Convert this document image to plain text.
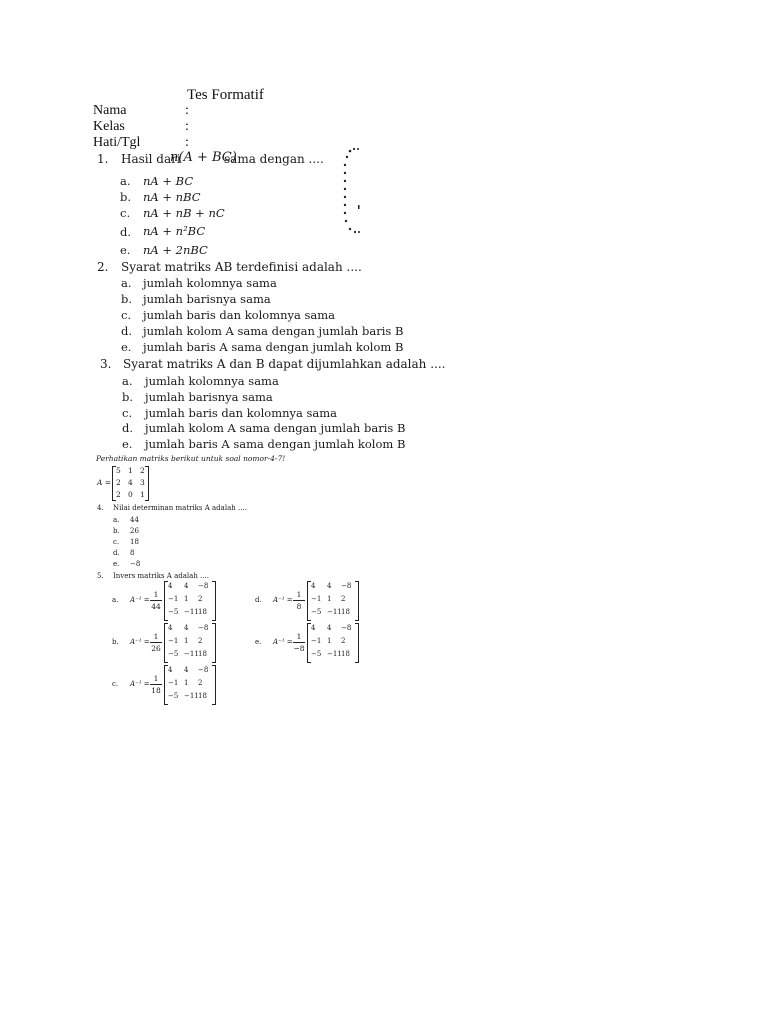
Tes Formatif
Nama	:
Kelas	:
Hati/Tgl	:
1. Hasil dari
n(A + BC)
sama dengan ....
a. nA + BC
b. nA + nBC
c. nA + nB + nC
d. nA + n²BC
e. nA + 2nBC
2. Syarat matriks AB terdefinisi adalah ....
a. jumlah kolomnya sama
b. jumlah barisnya sama
c. jumlah baris dan kolomnya sama
d. jumlah kolom A sama dengan jumlah baris B
e. jumlah baris A sama dengan jumlah kolom B
3. Syarat matriks A dan B dapat dijumlahkan adalah ....
a. jumlah kolomnya sama
b. jumlah barisnya sama
c. jumlah baris dan kolomnya sama
d. jumlah kolom A sama dengan jumlah baris B
e. jumlah baris A sama dengan jumlah kolom B
Perhatikan matriks berikut untuk soal nomor-4-7!
A =
5 1 2
2 4 3
2 0 1
4. Nilai determinan matriks A adalah ....
a. 44
b. 26
c. 18
d. 8
e. −8
5. Invers matriks A adalah ....
a. A⁻¹ =
1
44
4 4 −8
−1 1 2
−5 −11 18
b. A⁻¹ =
1
26
4 4 −8
−1 1 2
−5 −11 18
c. A⁻¹ =
1
18
4 4 −8
−1 1 2
−5 −11 18
d. A⁻¹ =
1
8
4 4 −8
−1 1 2
−5 −11 18
e. A⁻¹ =
1
−8
4 4 −8
−1 1 2
−5 −11 18
